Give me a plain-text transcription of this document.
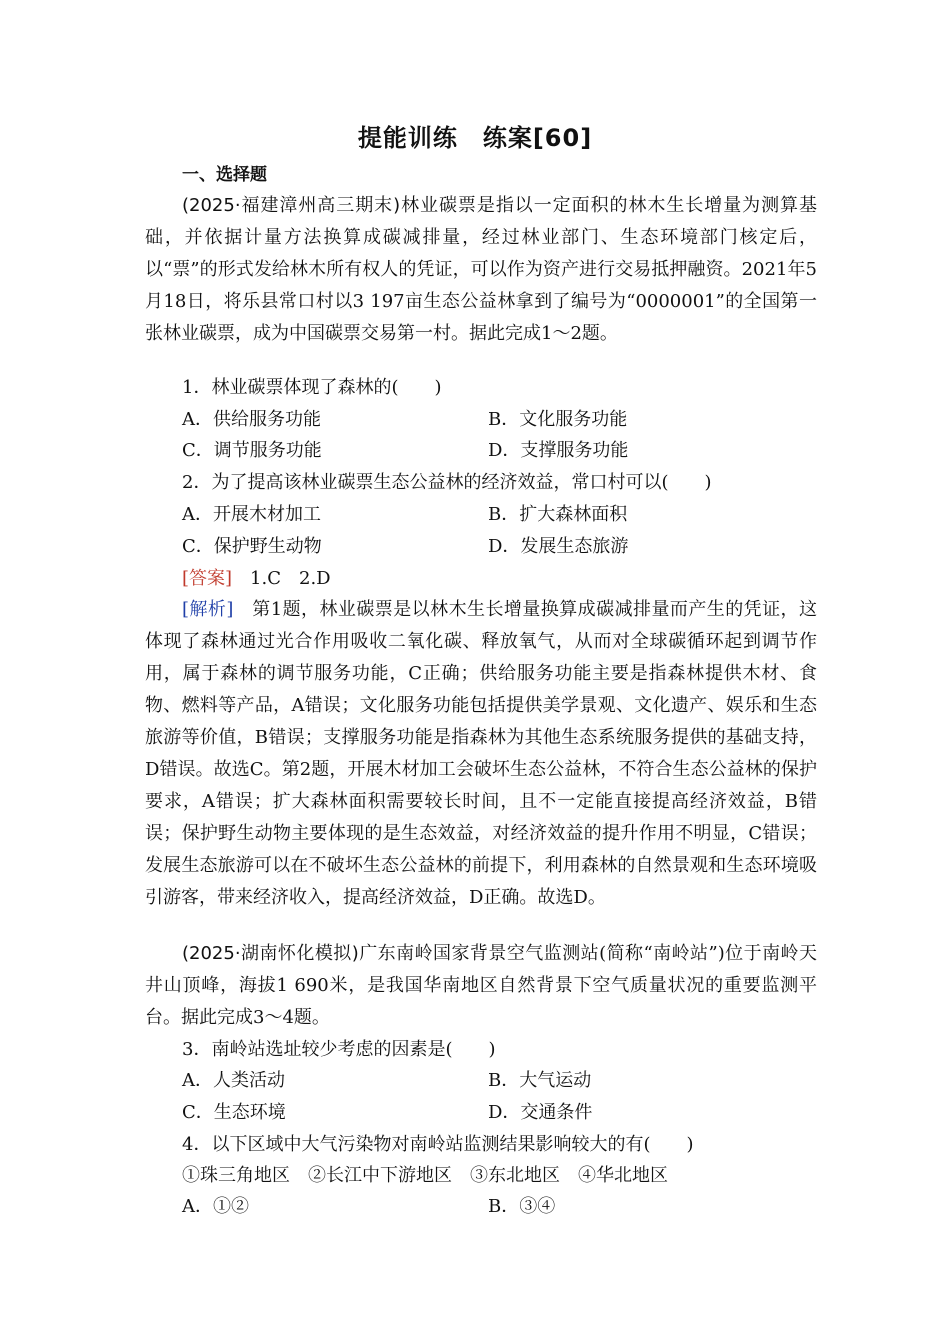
提能训练　练案[60]
一、选择题

(2025·福建漳州高三期末)林业碳票是指以一定面积的林木生长增量为测算基础，并依据计量方法换算成碳减排量，经过林业部门、生态环境部门核定后，以“票”的形式发给林木所有权人的凭证，可以作为资产进行交易抵押融资。2021年5月18日，将乐县常口村以3 197亩生态公益林拿到了编号为“0000001”的全国第一张林业碳票，成为中国碳票交易第一村。据此完成1～2题。

1．林业碳票体现了森林的(　　)
A．供给服务功能	B．文化服务功能
C．调节服务功能	D．支撑服务功能
2．为了提高该林业碳票生态公益林的经济效益，常口村可以(　　)
A．开展木材加工	B．扩大森林面积
C．保护野生动物	D．发展生态旅游
[答案]　1.C　2.D

[解析]　第1题，林业碳票是以林木生长增量换算成碳减排量而产生的凭证，这体现了森林通过光合作用吸收二氧化碳、释放氧气，从而对全球碳循环起到调节作用，属于森林的调节服务功能，C正确；供给服务功能主要是指森林提供木材、食物、燃料等产品，A错误；文化服务功能包括提供美学景观、文化遗产、娱乐和生态旅游等价值，B错误；支撑服务功能是指森林为其他生态系统服务提供的基础支持，D错误。故选C。第2题，开展木材加工会破坏生态公益林，不符合生态公益林的保护要求，A错误；扩大森林面积需要较长时间，且不一定能直接提高经济效益，B错误；保护野生动物主要体现的是生态效益，对经济效益的提升作用不明显，C错误；发展生态旅游可以在不破坏生态公益林的前提下，利用森林的自然景观和生态环境吸引游客，带来经济收入，提高经济效益，D正确。故选D。

(2025·湖南怀化模拟)广东南岭国家背景空气监测站(简称“南岭站”)位于南岭天井山顶峰，海拔1 690米，是我国华南地区自然背景下空气质量状况的重要监测平台。据此完成3～4题。

3．南岭站选址较少考虑的因素是(　　)
A．人类活动	B．大气运动
C．生态环境	D．交通条件
4．以下区域中大气污染物对南岭站监测结果影响较大的有(　　)
①珠三角地区　②长江中下游地区　③东北地区　④华北地区
A．①②	B．③④
